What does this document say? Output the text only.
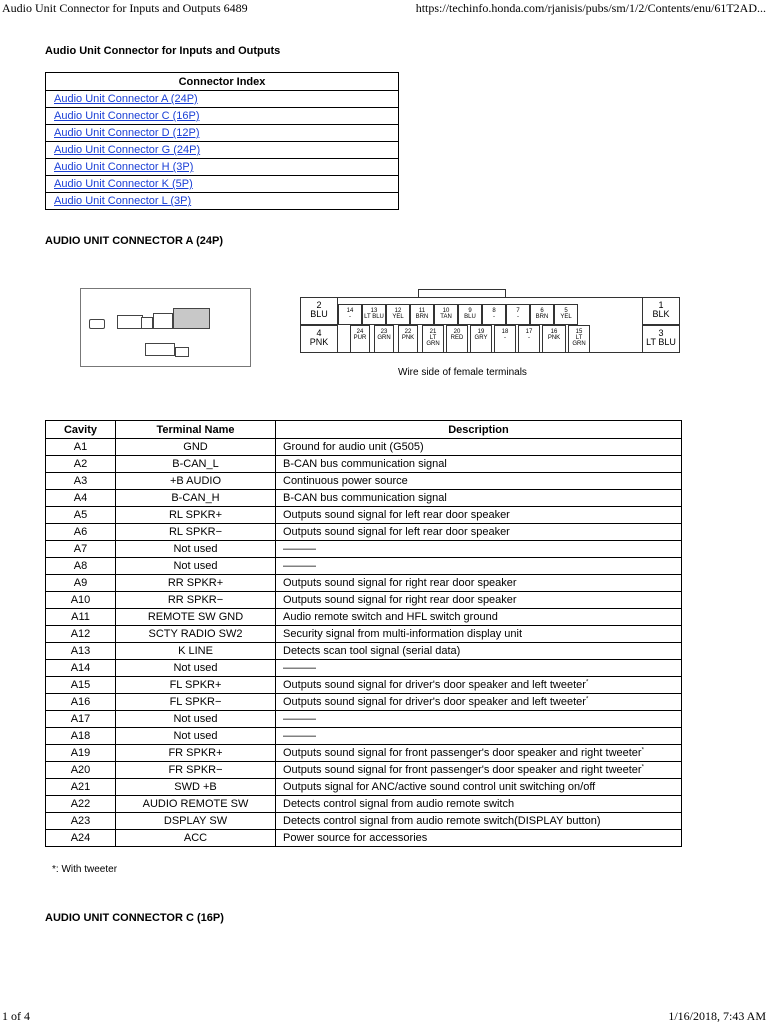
Audio Unit Connector for Inputs and Outputs 6489	https://techinfo.honda.com/rjanisis/pubs/sm/1/2/Contents/enu/61T2AD...
Audio Unit Connector for Inputs and Outputs
Connector Index
Audio Unit Connector A (24P)
Audio Unit Connector C (16P)
Audio Unit Connector D (12P)
Audio Unit Connector G (24P)
Audio Unit Connector H (3P)
Audio Unit Connector K (5P)
Audio Unit Connector L (3P)
AUDIO UNIT CONNECTOR A (24P)
2
BLU	14
-
13
LT BLU
12
YEL
11
BRN
10
TAN
9
BLU
8
-
7
-
6
BRN
5
YEL
1
BLK
4
PNK
24
PUR
23
GRN
22
PNK
21
LT GRN
20
RED
19
GRY
18
-
17
-
16
PNK
15
LT GRN
3
LT BLU
Wire side of female terminals
Cavity	Terminal Name	Description
A1	GND	Ground for audio unit (G505)
A2	B-CAN_L	B-CAN bus communication signal
A3	+B AUDIO	Continuous power source
A4	B-CAN_H	B-CAN bus communication signal
A5	RL SPKR+	Outputs sound signal for left rear door speaker
A6	RL SPKR−	Outputs sound signal for left rear door speaker
A7	Not used	———
A8	Not used	———
A9	RR SPKR+	Outputs sound signal for right rear door speaker
A10	RR SPKR−	Outputs sound signal for right rear door speaker
A11	REMOTE SW GND	Audio remote switch and HFL switch ground
A12	SCTY RADIO SW2	Security signal from multi-information display unit
A13	K LINE	Detects scan tool signal (serial data)
A14	Not used	———
A15	FL SPKR+	Outputs sound signal for driver's door speaker and left tweeter*
A16	FL SPKR−	Outputs sound signal for driver's door speaker and left tweeter*
A17	Not used	———
A18	Not used	———
A19	FR SPKR+	Outputs sound signal for front passenger's door speaker and right tweeter*
A20	FR SPKR−	Outputs sound signal for front passenger's door speaker and right tweeter*
A21	SWD +B	Outputs signal for ANC/active sound control unit switching on/off
A22	AUDIO REMOTE SW	Detects control signal from audio remote switch
A23	DSPLAY SW	Detects control signal from audio remote switch(DISPLAY button)
A24	ACC	Power source for accessories
*: With tweeter
AUDIO UNIT CONNECTOR C (16P)
1 of 4	1/16/2018, 7:43 AM
